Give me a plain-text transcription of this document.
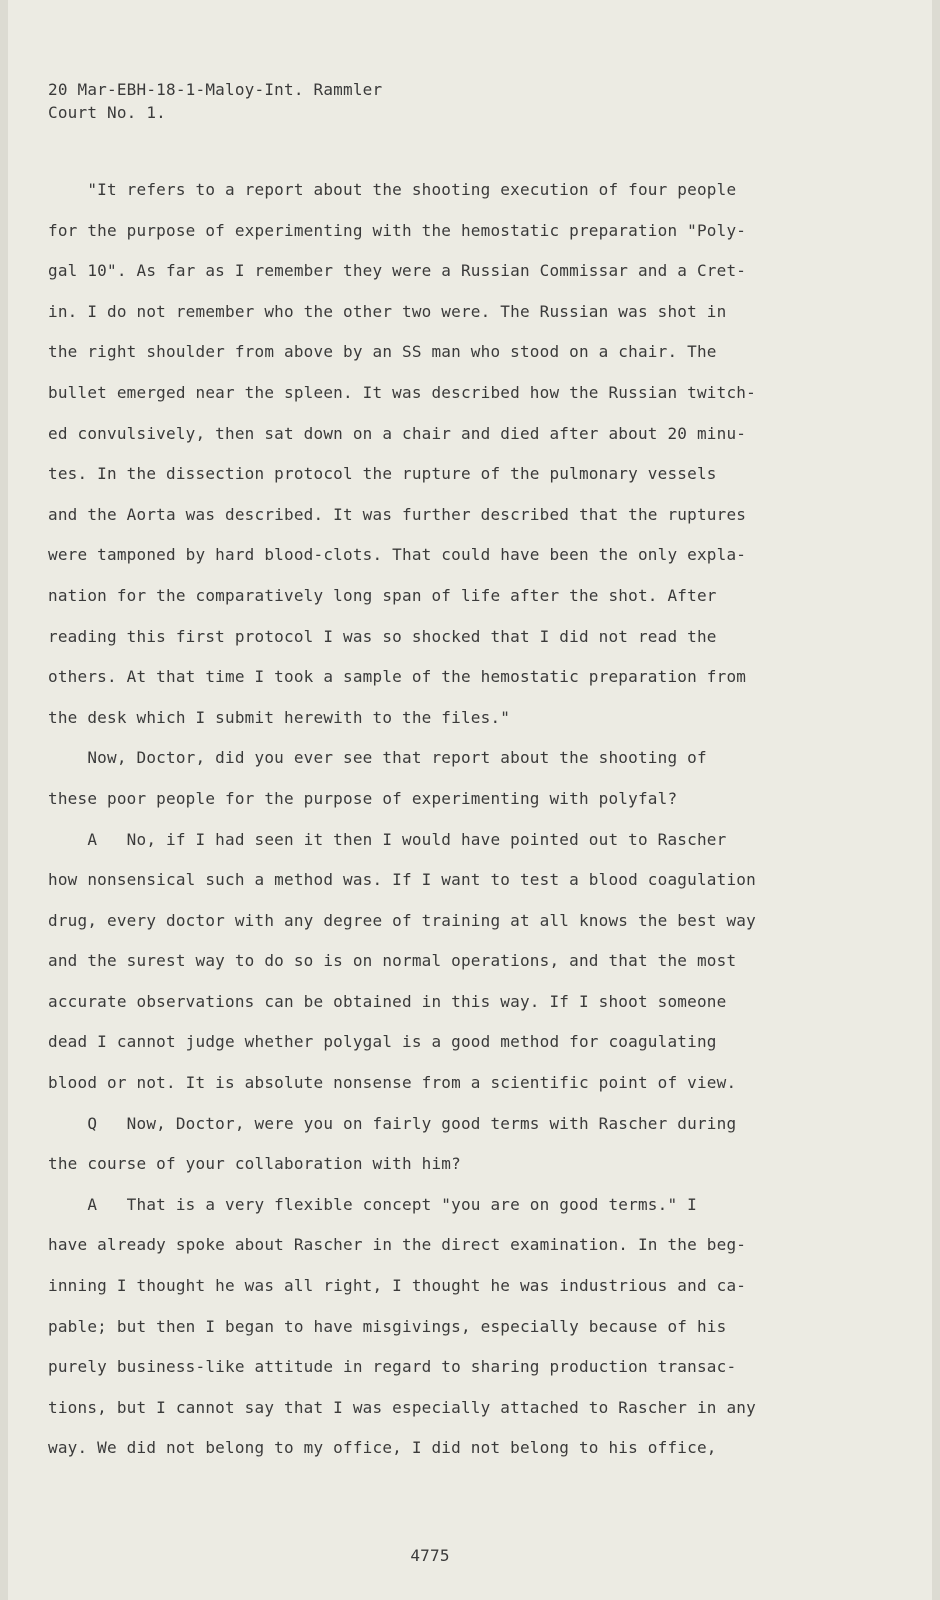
20 Mar-EBH-18-1-Maloy-Int. Rammler
Court No. 1.
"It refers to a report about the shooting execution of four people
for the purpose of experimenting with the hemostatic preparation "Poly-
gal 10". As far as I remember they were a Russian Commissar and a Cret-
in. I do not remember who the other two were. The Russian was shot in
the right shoulder from above by an SS man who stood on a chair. The
bullet emerged near the spleen. It was described how the Russian twitch-
ed convulsively, then sat down on a chair and died after about 20 minu-
tes. In the dissection protocol the rupture of the pulmonary vessels
and the Aorta was described. It was further described that the ruptures
were tamponed by hard blood-clots. That could have been the only expla-
nation for the comparatively long span of life after the shot. After
reading this first protocol I was so shocked that I did not read the
others. At that time I took a sample of the hemostatic preparation from
the desk which I submit herewith to the files."
Now, Doctor, did you ever see that report about the shooting of
these poor people for the purpose of experimenting with polyfal?
A   No, if I had seen it then I would have pointed out to Rascher
how nonsensical such a method was. If I want to test a blood coagulation
drug, every doctor with any degree of training at all knows the best way
and the surest way to do so is on normal operations, and that the most
accurate observations can be obtained in this way. If I shoot someone
dead I cannot judge whether polygal is a good method for coagulating
blood or not. It is absolute nonsense from a scientific point of view.
Q   Now, Doctor, were you on fairly good terms with Rascher during
the course of your collaboration with him?
A   That is a very flexible concept "you are on good terms." I
have already spoke about Rascher in the direct examination. In the beg-
inning I thought he was all right, I thought he was industrious and ca-
pable; but then I began to have misgivings, especially because of his
purely business-like attitude in regard to sharing production transac-
tions, but I cannot say that I was especially attached to Rascher in any
way. We did not belong to my office, I did not belong to his office,
4775
